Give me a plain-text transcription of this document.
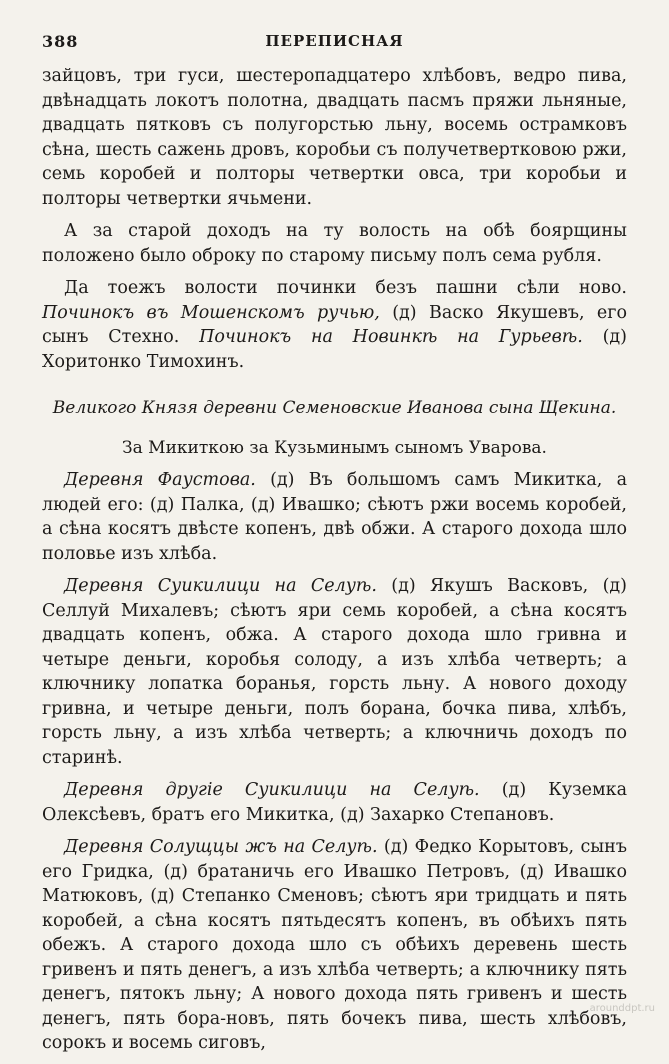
388	ПЕРЕПИСНАЯ

зайцовъ, три гуси, шестеропадцатеро хлѣбовъ, ведро пива, двѣнадцать локотъ полотна, двадцать пасмъ пряжи льняные, двадцать пятковъ съ полугорстью льну, восемь острамковъ сѣна, шесть сажень дровъ, коробьи съ получетвертковою ржи, семь коробей и полторы четвертки овса, три коробьи и полторы четвертки ячьмени.

А за старой доходъ на ту волость на обѣ боярщины положено было оброку по старому письму полъ сема рубля.

Да тоежъ волости починки безъ пашни сѣли ново. Починокъ въ Мошенскомъ ручью, (д) Васко Якушевъ, его сынъ Стехно. Починокъ на Новинкѣ на Гурьевѣ. (д) Хоритонко Тимохинъ.

Великого Князя деревни Семеновские Иванова сына Щекина.
За Микиткою за Кузьминымъ сыномъ Уварова.

Деревня Фаустова. (д) Въ большомъ самъ Микитка, а людей его: (д) Палка, (д) Ивашко; сѣютъ ржи восемь коробей, а сѣна косятъ двѣсте копенъ, двѣ обжи. А старого дохода шло половье изъ хлѣба.

Деревня Суикилици на Селуѣ. (д) Якушъ Васковъ, (д) Селлуй Михалевъ; сѣютъ яри семь коробей, а сѣна косятъ двадцать копенъ, обжа. А старого дохода шло гривна и четыре деньги, коробья солоду, а изъ хлѣба четверть; а ключнику лопатка боранья, горсть льну. А нового доходу гривна, и четыре деньги, полъ борана, бочка пива, хлѣбъ, горсть льну, а изъ хлѣба четверть; а ключничь доходъ по старинѣ.

Деревня другіе Суикилици на Селуѣ. (д) Куземка Олексѣевъ, братъ его Микитка, (д) Захарко Степановъ.

Деревня Солущцы жъ на Селуѣ. (д) Федко Корытовъ, сынъ его Гридка, (д) братаничь его Ивашко Петровъ, (д) Ивашко Матюковъ, (д) Степанко Сменовъ; сѣютъ яри тридцать и пять коробей, а сѣна косятъ пятьдесятъ копенъ, въ обѣихъ пять обежъ. А старого дохода шло съ обѣихъ деревень шесть гривенъ и пять денегъ, а изъ хлѣба четверть; а ключнику пять денегъ, пятокъ льну; А нового дохода пять гривенъ и шесть денегъ, пять бора-новъ, пять бочекъ пива, шесть хлѣбовъ, сорокъ и восемь сиговъ,

arounddpt.ru
